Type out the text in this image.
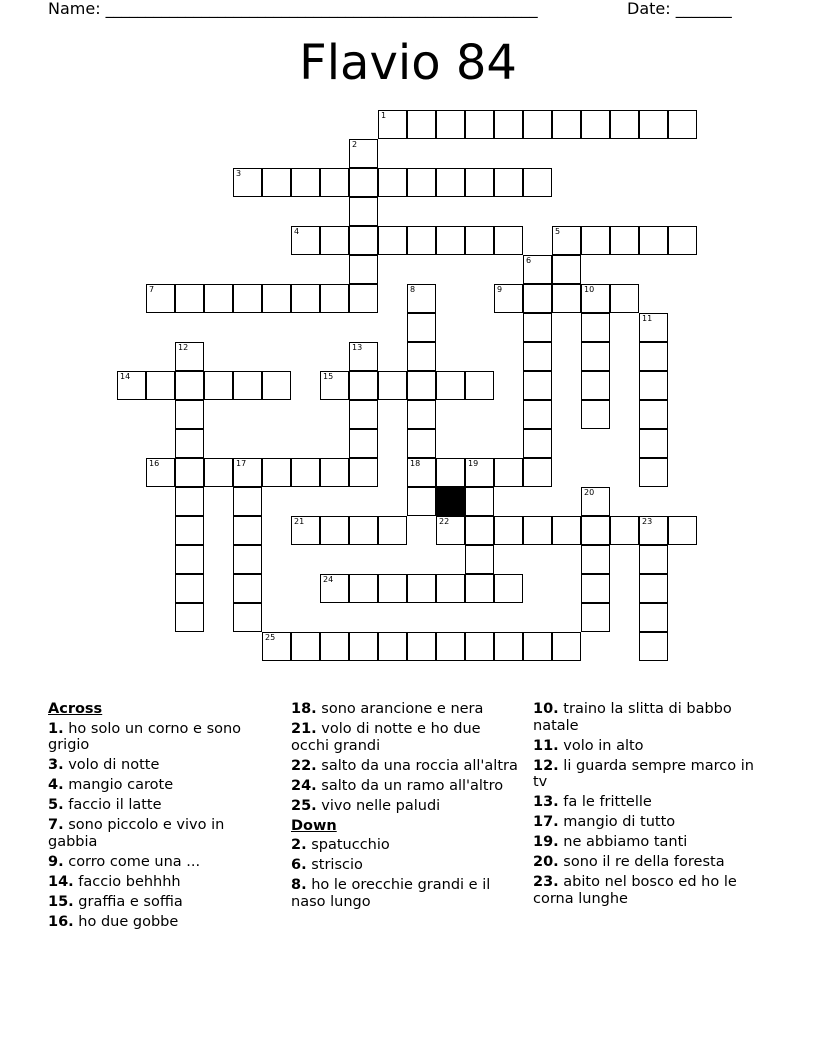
Name: ______________________________________________________	Date: _______
Flavio 84
1
2
3
4	5
6
7	8	9	10
11
12	13
14	15
16	17	18	19
20
21	22	23
24
25
Across
1. ho solo un corno e sono grigio
3. volo di notte
4. mangio carote
5. faccio il latte
7. sono piccolo e vivo in gabbia
9. corro come una ...
14. faccio behhhh
15. graffia e soffia
16. ho due gobbe
18. sono arancione e nera
21. volo di notte e ho due occhi grandi
22. salto da una roccia all'altra
24. salto da un ramo all'altro
25. vivo nelle paludi
Down
2. spatucchio
6. striscio
8. ho le orecchie grandi e il naso lungo
10. traino la slitta di babbo natale
11. volo in alto
12. li guarda sempre marco in tv
13. fa le frittelle
17. mangio di tutto
19. ne abbiamo tanti
20. sono il re della foresta
23. abito nel bosco ed ho le corna lunghe
